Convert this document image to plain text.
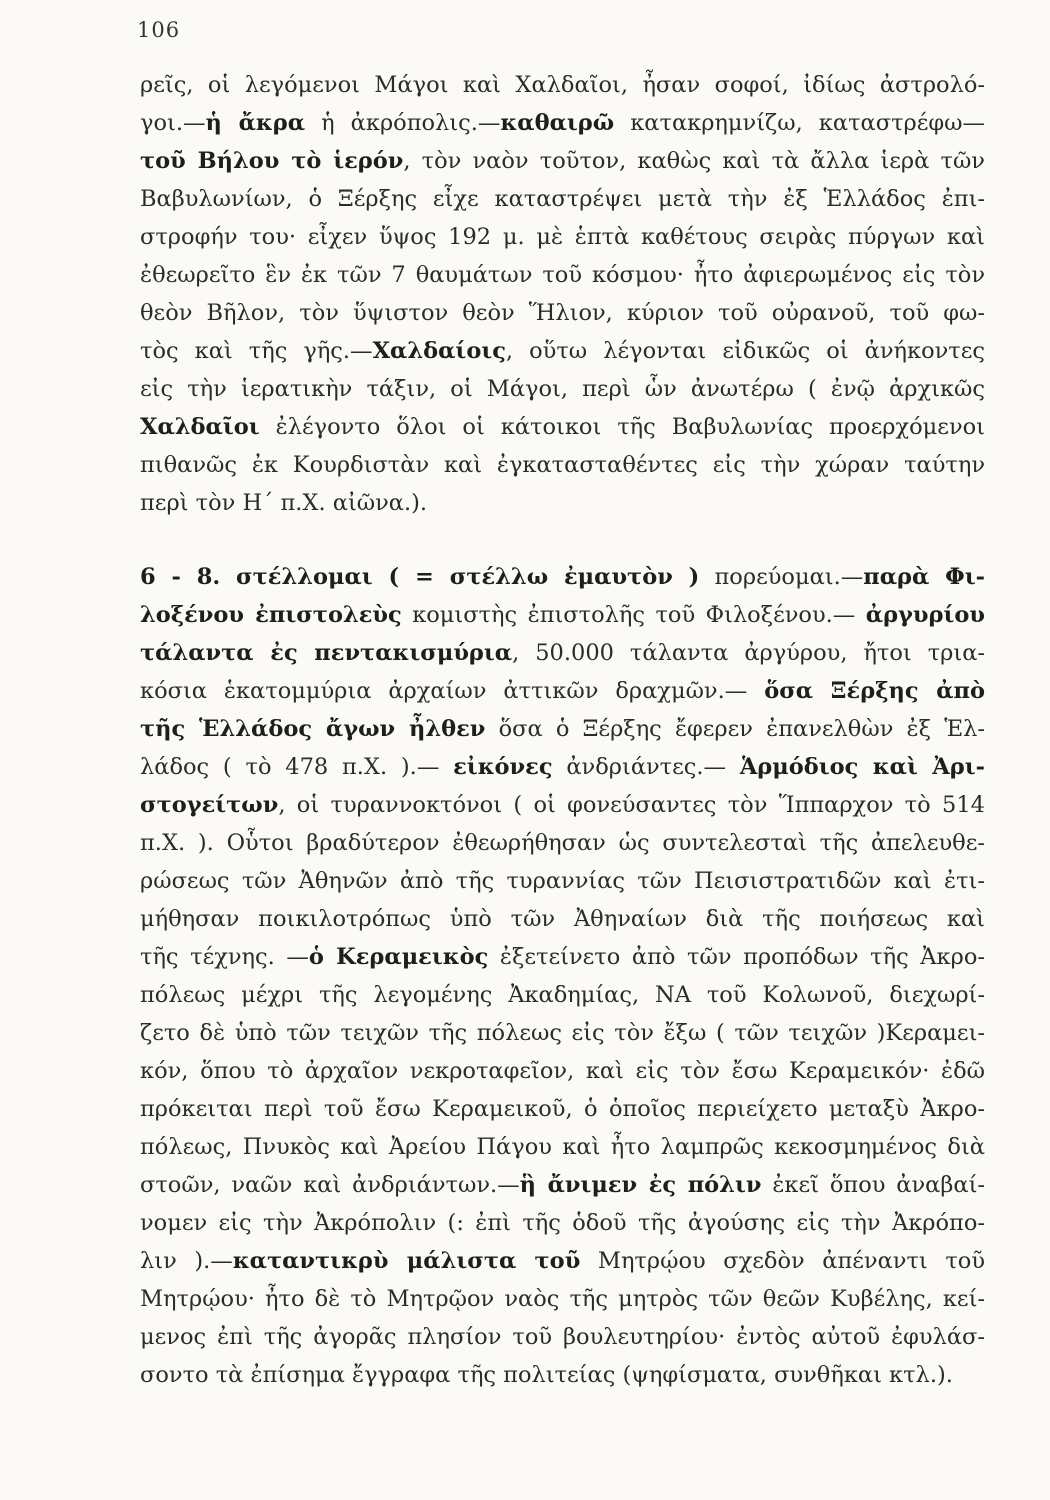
106
ρεῖς, οἱ λεγόμενοι Μάγοι καὶ Χαλδαῖοι, ἦσαν σοφοί, ἰδίως ἀστρολό-
γοι.—ἡ ἄκρα ἡ ἀκρόπολις.—καθαιρῶ κατακρημνίζω, καταστρέφω—
τοῦ Βήλου τὸ ἱερόν, τὸν ναὸν τοῦτον, καθὼς καὶ τὰ ἄλλα ἱερὰ τῶν
Βαβυλωνίων, ὁ Ξέρξης εἶχε καταστρέψει μετὰ τὴν ἐξ Ἑλλάδος ἐπι-
στροφήν του· εἶχεν ὕψος 192 μ. μὲ ἑπτὰ καθέτους σειρὰς πύργων καὶ
ἐθεωρεῖτο ἓν ἐκ τῶν 7 θαυμάτων τοῦ κόσμου· ἦτο ἀφιερωμένος εἰς τὸν
θεὸν Βῆλον, τὸν ὕψιστον θεὸν Ἥλιον, κύριον τοῦ οὐρανοῦ, τοῦ φω-
τὸς καὶ τῆς γῆς.—Χαλδαίοις, οὕτω λέγονται εἰδικῶς οἱ ἀνήκοντες
εἰς τὴν ἱερατικὴν τάξιν, οἱ Μάγοι, περὶ ὧν ἀνωτέρω ( ἐνῷ ἀρχικῶς
Χαλδαῖοι ἐλέγοντο ὅλοι οἱ κάτοικοι τῆς Βαβυλωνίας προερχόμενοι
πιθανῶς ἐκ Κουρδιστὰν καὶ ἐγκατασταθέντες εἰς τὴν χώραν ταύτην
περὶ τὸν Η΄ π.Χ. αἰῶνα.).
6 - 8. στέλλομαι ( = στέλλω ἐμαυτὸν ) πορεύομαι.—παρὰ Φι-
λοξένου ἐπιστολεὺς κομιστὴς ἐπιστολῆς τοῦ Φιλοξένου.— ἀργυρίου
τάλαντα ἐς πεντακισμύρια, 50.000 τάλαντα ἀργύρου, ἤτοι τρια-
κόσια ἑκατομμύρια ἀρχαίων ἀττικῶν δραχμῶν.— ὅσα Ξέρξης ἀπὸ
τῆς Ἑλλάδος ἄγων ἦλθεν ὅσα ὁ Ξέρξης ἔφερεν ἐπανελθὼν ἐξ Ἑλ-
λάδος ( τὸ 478 π.Χ. ).— εἰκόνες ἀνδριάντες.— Ἁρμόδιος καὶ Ἀρι-
στογείτων, οἱ τυραννοκτόνοι ( οἱ φονεύσαντες τὸν Ἵππαρχον τὸ 514
π.Χ. ). Οὗτοι βραδύτερον ἐθεωρήθησαν ὡς συντελεσταὶ τῆς ἀπελευθε-
ρώσεως τῶν Ἀθηνῶν ἀπὸ τῆς τυραννίας τῶν Πεισιστρατιδῶν καὶ ἐτι-
μήθησαν ποικιλοτρόπως ὑπὸ τῶν Ἀθηναίων διὰ τῆς ποιήσεως καὶ
τῆς τέχνης. —ὁ Κεραμεικὸς ἐξετείνετο ἀπὸ τῶν προπόδων τῆς Ἀκρο-
πόλεως μέχρι τῆς λεγομένης Ἀκαδημίας, ΝΑ τοῦ Κολωνοῦ, διεχωρί-
ζετο δὲ ὑπὸ τῶν τειχῶν τῆς πόλεως εἰς τὸν ἔξω ( τῶν τειχῶν )Κεραμει-
κόν, ὅπου τὸ ἀρχαῖον νεκροταφεῖον, καὶ εἰς τὸν ἔσω Κεραμεικόν· ἐδῶ
πρόκειται περὶ τοῦ ἔσω Κεραμεικοῦ, ὁ ὁποῖος περιείχετο μεταξὺ Ἀκρο-
πόλεως, Πνυκὸς καὶ Ἀρείου Πάγου καὶ ἦτο λαμπρῶς κεκοσμημένος διὰ
στοῶν, ναῶν καὶ ἀνδριάντων.—ἣ ἄνιμεν ἐς πόλιν ἐκεῖ ὅπου ἀναβαί-
νομεν εἰς τὴν Ἀκρόπολιν (: ἐπὶ τῆς ὁδοῦ τῆς ἀγούσης εἰς τὴν Ἀκρόπο-
λιν ).—καταντικρὺ μάλιστα τοῦ Μητρῴου σχεδὸν ἀπέναντι τοῦ
Μητρῴου· ἦτο δὲ τὸ Μητρῷον ναὸς τῆς μητρὸς τῶν θεῶν Κυβέλης, κεί-
μενος ἐπὶ τῆς ἀγορᾶς πλησίον τοῦ βουλευτηρίου· ἐντὸς αὐτοῦ ἐφυλάσ-
σοντο τὰ ἐπίσημα ἔγγραφα τῆς πολιτείας (ψηφίσματα, συνθῆκαι κτλ.).
